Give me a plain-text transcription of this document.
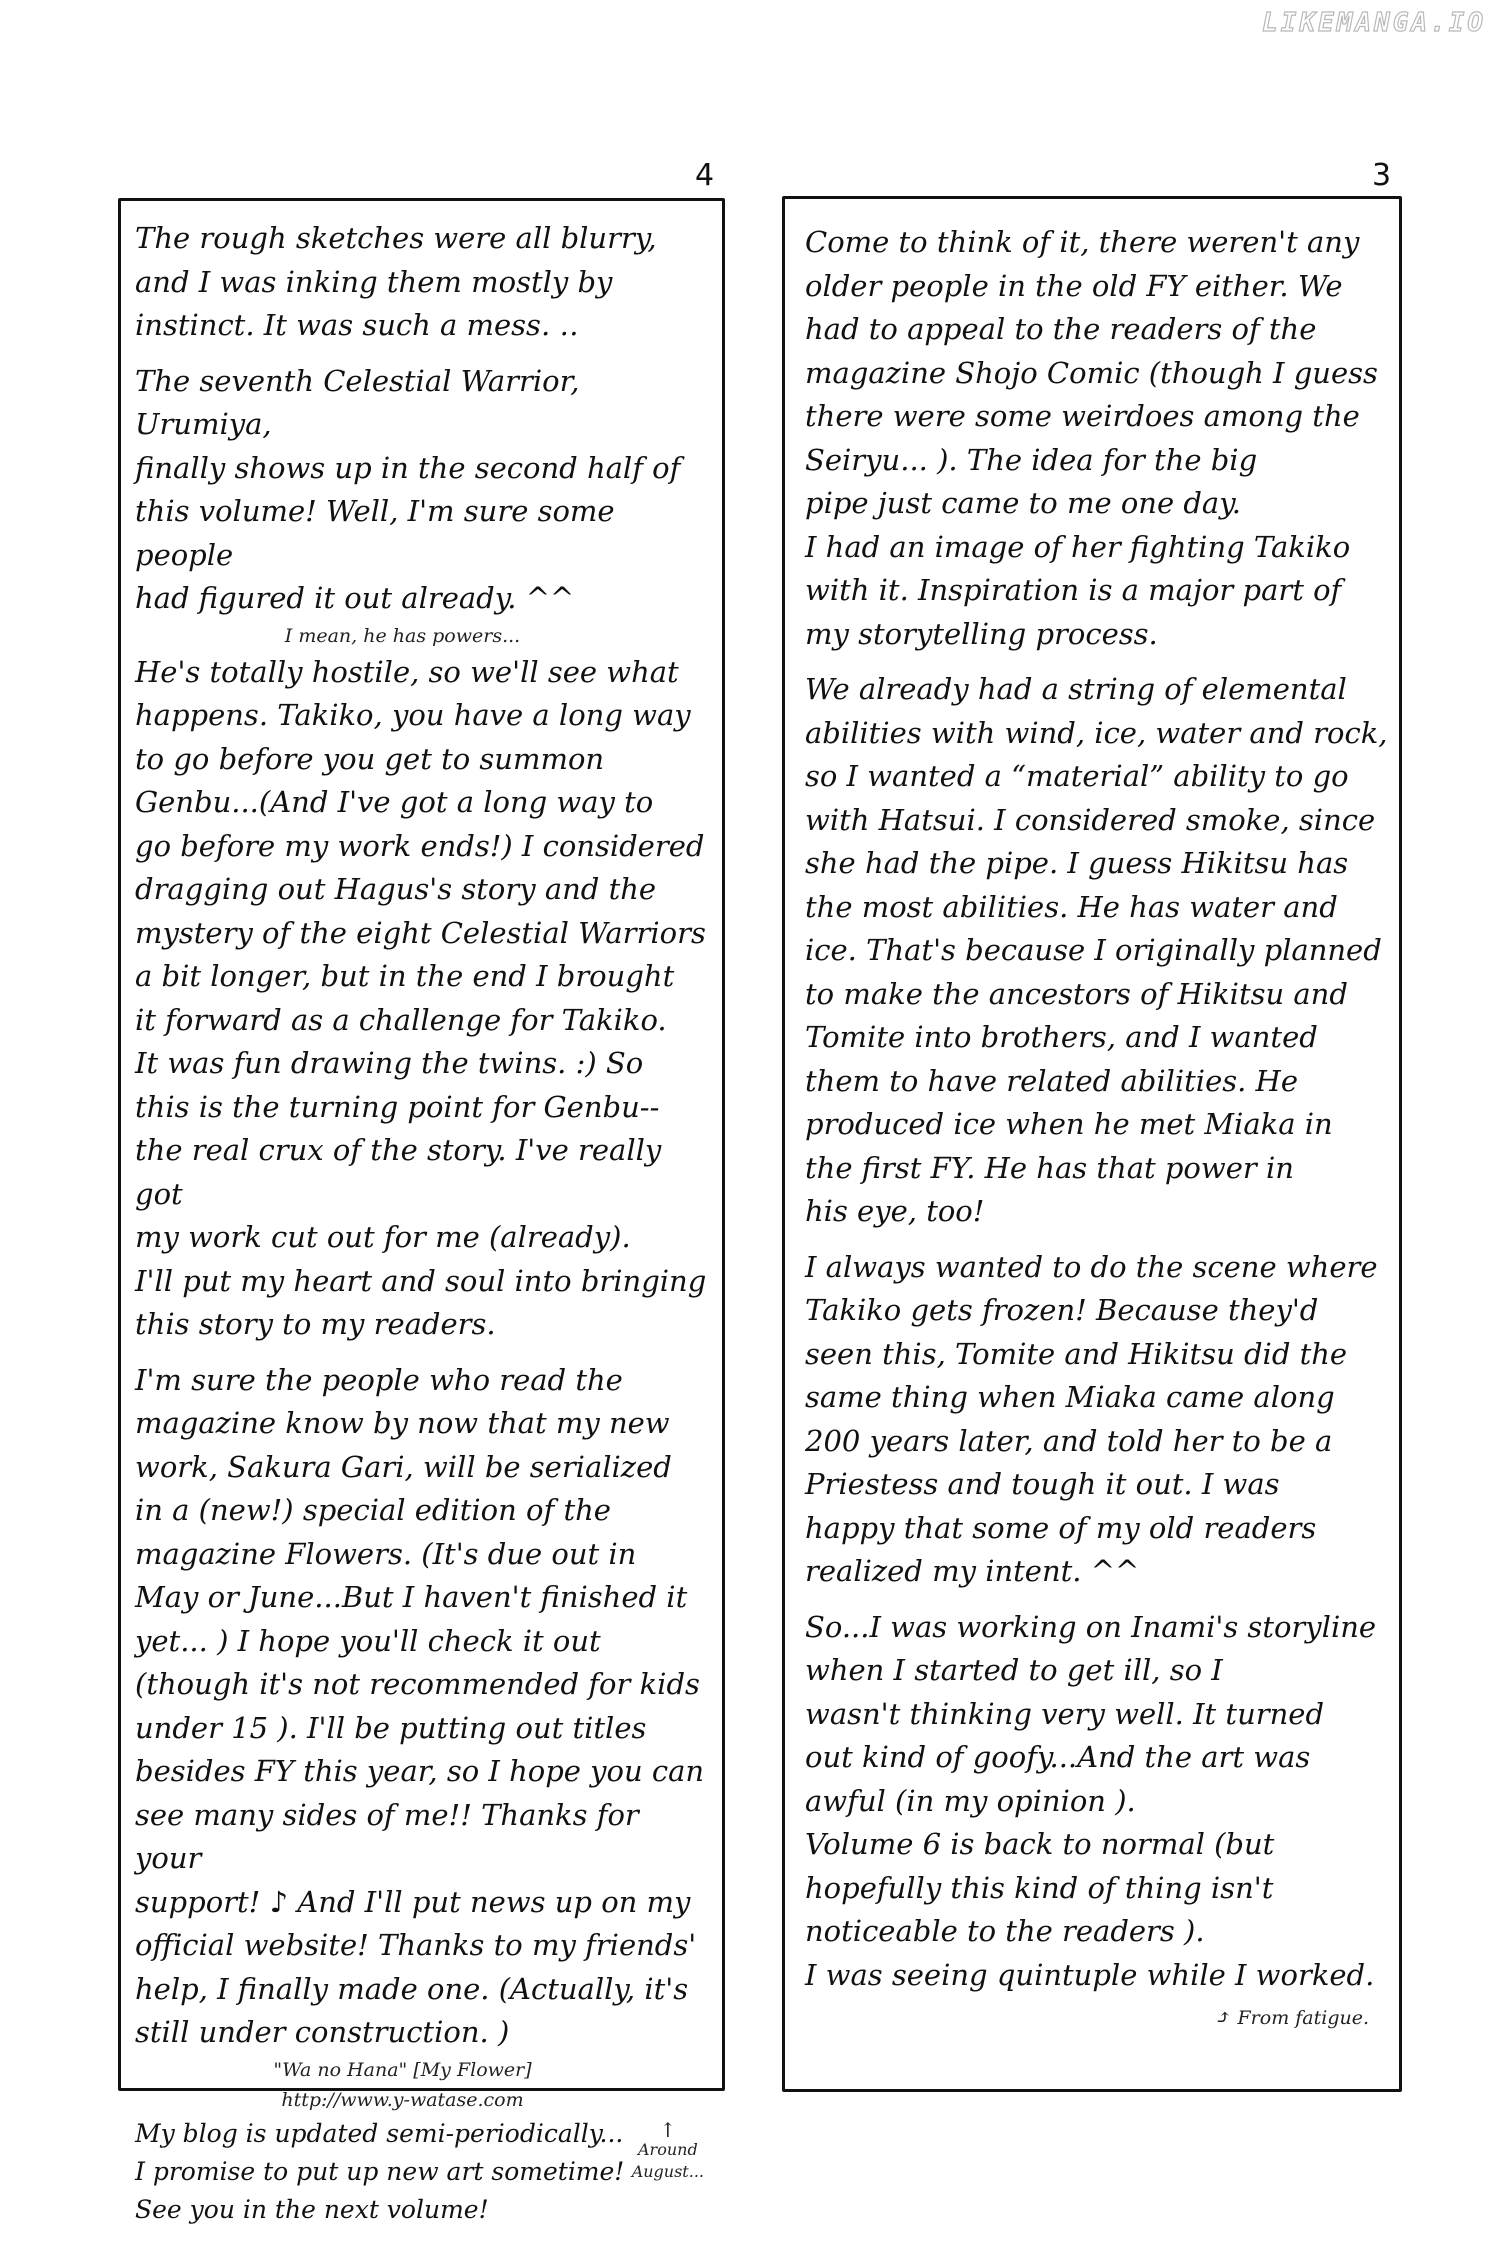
LIKEMANGA.IO
4	3

The rough sketches were all blurry,
and I was inking them mostly by
instinct. It was such a mess. ‥

The seventh Celestial Warrior, Urumiya,
finally shows up in the second half of
this volume! Well, I'm sure some people
had figured it out already. ^^

I mean, he has powers...

He's totally hostile, so we'll see what
happens. Takiko, you have a long way
to go before you get to summon
Genbu...(And I've got a long way to
go before my work ends!) I considered
dragging out Hagus's story and the
mystery of the eight Celestial Warriors
a bit longer, but in the end I brought
it forward as a challenge for Takiko.
It was fun drawing the twins. :) So
this is the turning point for Genbu--
the real crux of the story. I've really got
my work cut out for me (already).
I'll put my heart and soul into bringing
this story to my readers.

I'm sure the people who read the
magazine know by now that my new
work, Sakura Gari, will be serialized
in a (new!) special edition of the
magazine Flowers. (It's due out in
May or June...But I haven't finished it
yet... ) I hope you'll check it out
(though it's not recommended for kids
under 15 ). I'll be putting out titles
besides FY this year, so I hope you can
see many sides of me!! Thanks for your
support! ♪ And I'll put news up on my
official website! Thanks to my friends'
help, I finally made one. (Actually, it's
still under construction. )

"Wa no Hana" [My Flower]
http://www.y-watase.com
My blog is updated semi-periodically...
I promise to put up new art sometime!
See you in the next volume!
↑
Around
August...

Come to think of it, there weren't any
older people in the old FY either. We
had to appeal to the readers of the
magazine Shojo Comic (though I guess
there were some weirdoes among the
Seiryu... ). The idea for the big
pipe just came to me one day.
I had an image of her fighting Takiko
with it. Inspiration is a major part of
my storytelling process.

We already had a string of elemental
abilities with wind, ice, water and rock,
so I wanted a “material” ability to go
with Hatsui. I considered smoke, since
she had the pipe. I guess Hikitsu has
the most abilities. He has water and
ice. That's because I originally planned
to make the ancestors of Hikitsu and
Tomite into brothers, and I wanted
them to have related abilities. He
produced ice when he met Miaka in
the first FY. He has that power in
his eye, too!

I always wanted to do the scene where
Takiko gets frozen! Because they'd
seen this, Tomite and Hikitsu did the
same thing when Miaka came along
200 years later, and told her to be a
Priestess and tough it out. I was
happy that some of my old readers
realized my intent. ^^

So...I was working on Inami's storyline
when I started to get ill, so I
wasn't thinking very well. It turned
out kind of goofy...And the art was
awful (in my opinion ).
Volume 6 is back to normal (but
hopefully this kind of thing isn't
noticeable to the readers ).
I was seeing quintuple while I worked.

⤴ From fatigue.
